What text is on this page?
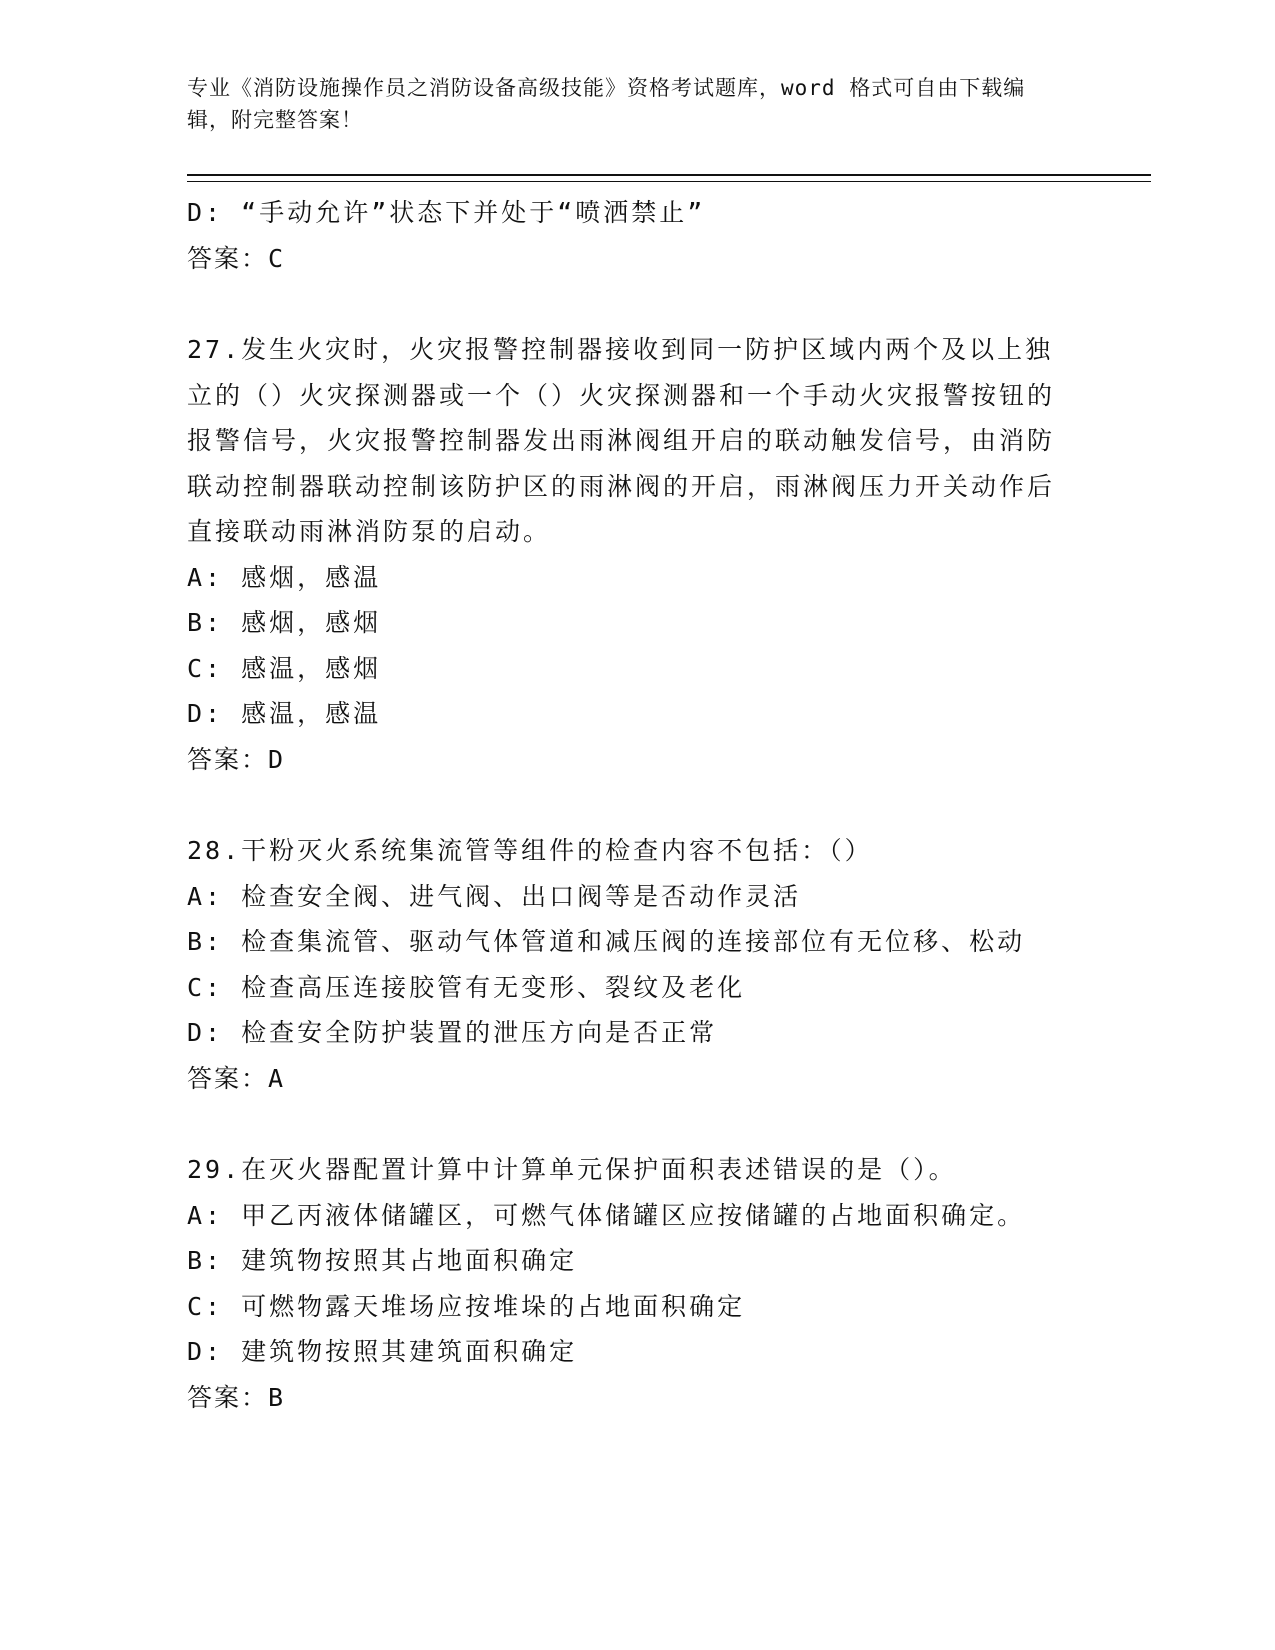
专业《消防设施操作员之消防设备高级技能》资格考试题库，word 格式可自由下载编辑，附完整答案！
D: “手动允许”状态下并处于“喷洒禁止”
答案：C
27.发生火灾时，火灾报警控制器接收到同一防护区域内两个及以上独立的（）火灾探测器或一个（）火灾探测器和一个手动火灾报警按钮的报警信号，火灾报警控制器发出雨淋阀组开启的联动触发信号，由消防联动控制器联动控制该防护区的雨淋阀的开启，雨淋阀压力开关动作后直接联动雨淋消防泵的启动。
A: 感烟，感温
B: 感烟，感烟
C: 感温，感烟
D: 感温，感温
答案：D
28.干粉灭火系统集流管等组件的检查内容不包括：（）
A: 检查安全阀、进气阀、出口阀等是否动作灵活
B: 检查集流管、驱动气体管道和减压阀的连接部位有无位移、松动
C: 检查高压连接胶管有无变形、裂纹及老化
D: 检查安全防护装置的泄压方向是否正常
答案：A
29.在灭火器配置计算中计算单元保护面积表述错误的是（）。
A: 甲乙丙液体储罐区，可燃气体储罐区应按储罐的占地面积确定。
B: 建筑物按照其占地面积确定
C: 可燃物露天堆场应按堆垛的占地面积确定
D: 建筑物按照其建筑面积确定
答案：B
